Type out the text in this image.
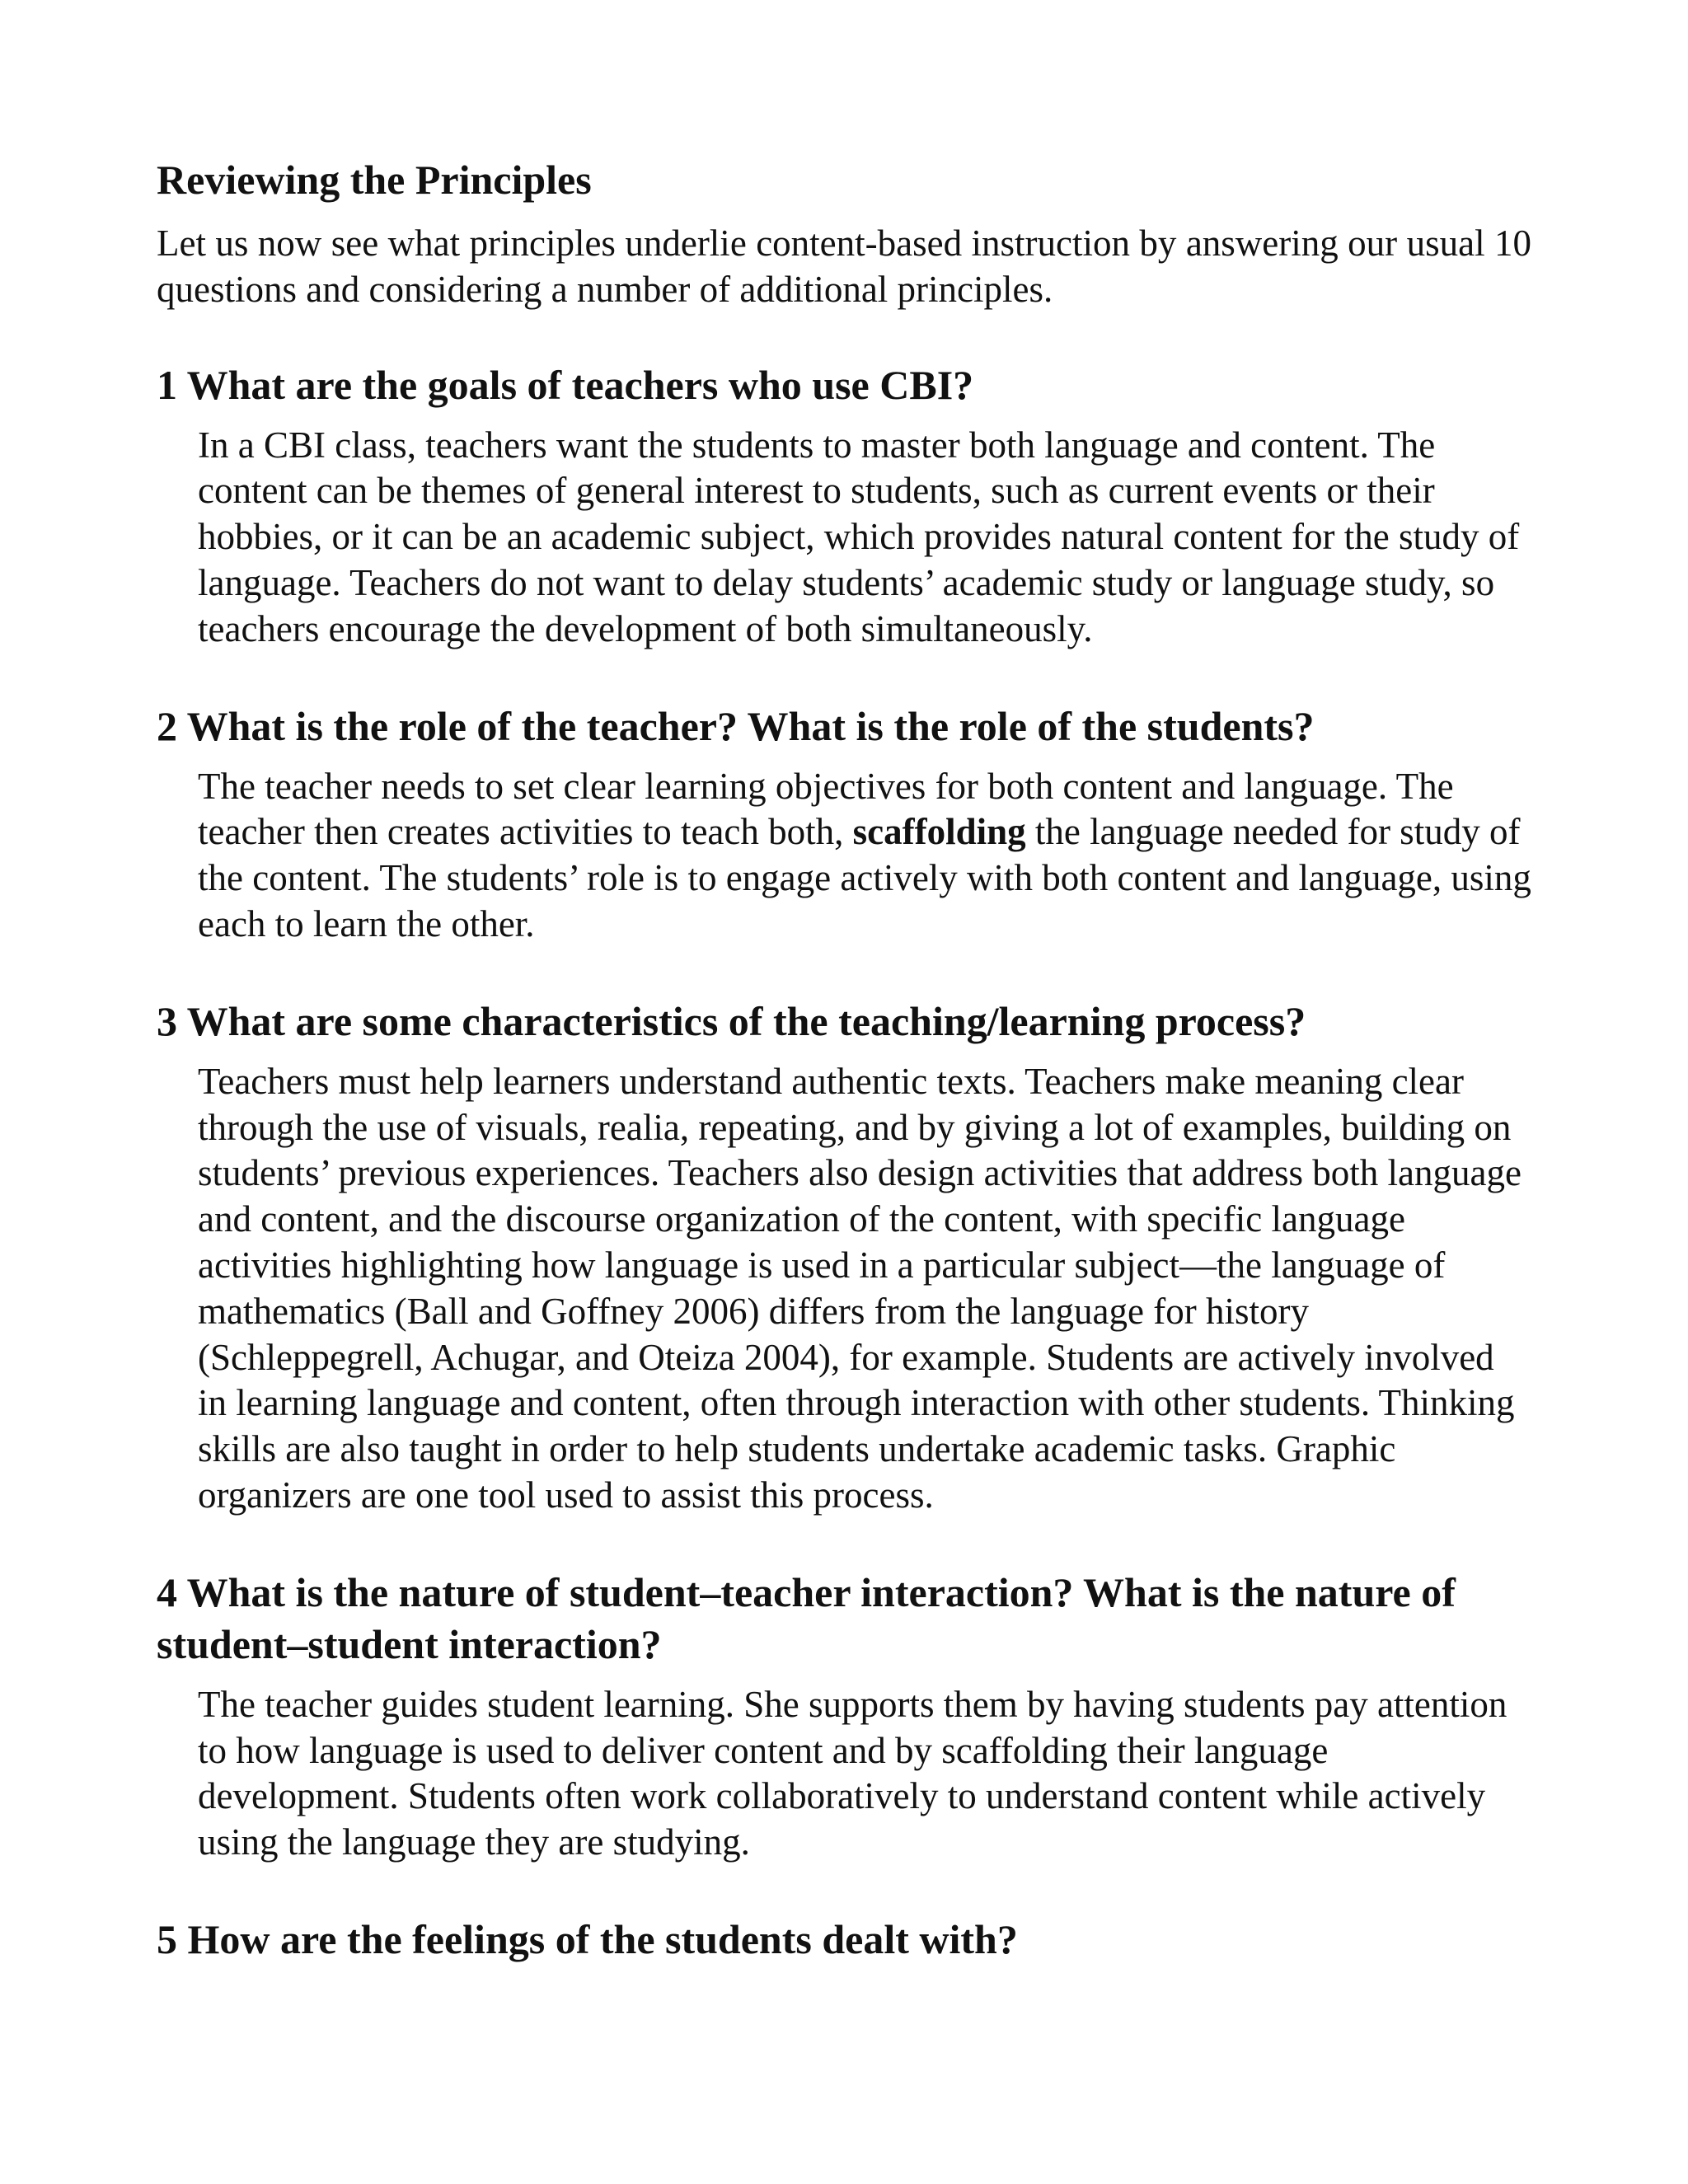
Reviewing the Principles

Let us now see what principles underlie content-based instruction by answering our usual 10 questions and considering a number of additional principles.

1 What are the goals of teachers who use CBI?

In a CBI class, teachers want the students to master both language and content. The content can be themes of general interest to students, such as current events or their hobbies, or it can be an academic subject, which provides natural content for the study of language. Teachers do not want to delay students’ academic study or language study, so teachers encourage the development of both simultaneously.

2 What is the role of the teacher? What is the role of the students?

The teacher needs to set clear learning objectives for both content and language. The teacher then creates activities to teach both, scaffolding the language needed for study of the content. The students’ role is to engage actively with both content and language, using each to learn the other.

3 What are some characteristics of the teaching/learning process?

Teachers must help learners understand authentic texts. Teachers make meaning clear through the use of visuals, realia, repeating, and by giving a lot of examples, building on students’ previous experiences. Teachers also design activities that address both language and content, and the discourse organization of the content, with specific language activities highlighting how language is used in a particular subject—the language of mathematics (Ball and Goffney 2006) differs from the language for history (Schleppegrell, Achugar, and Oteiza 2004), for example. Students are actively involved in learning language and content, often through interaction with other students. Thinking skills are also taught in order to help students undertake academic tasks. Graphic organizers are one tool used to assist this process.

4 What is the nature of student–teacher interaction? What is the nature of student–student interaction?

The teacher guides student learning. She supports them by having students pay attention to how language is used to deliver content and by scaffolding their language development. Students often work collaboratively to understand content while actively using the language they are studying.

5 How are the feelings of the students dealt with?
